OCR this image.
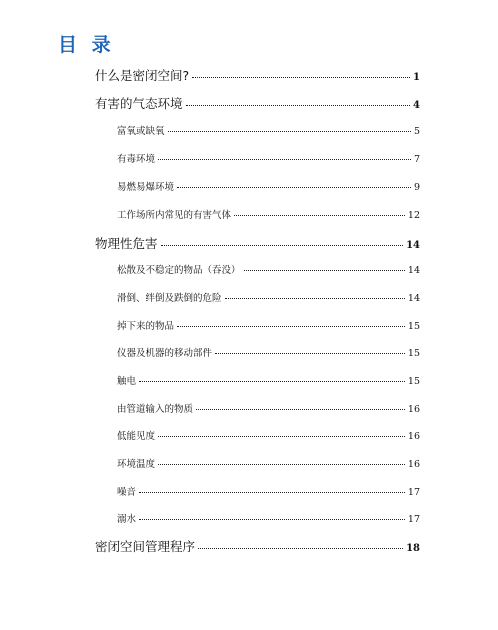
目 录
什么是密闭空间?	1
有害的气态环境	4
富氧或缺氧	5
有毒环境	7
易燃易爆环境	9
工作场所内常见的有害气体	12
物理性危害	14
松散及不稳定的物品（吞没）	14
滑倒、绊倒及跌倒的危险	14
掉下来的物品	15
仪器及机器的移动部件	15
触电	15
由管道输入的物质	16
低能见度	16
环境温度	16
噪音	17
溺水	17
密闭空间管理程序	18
